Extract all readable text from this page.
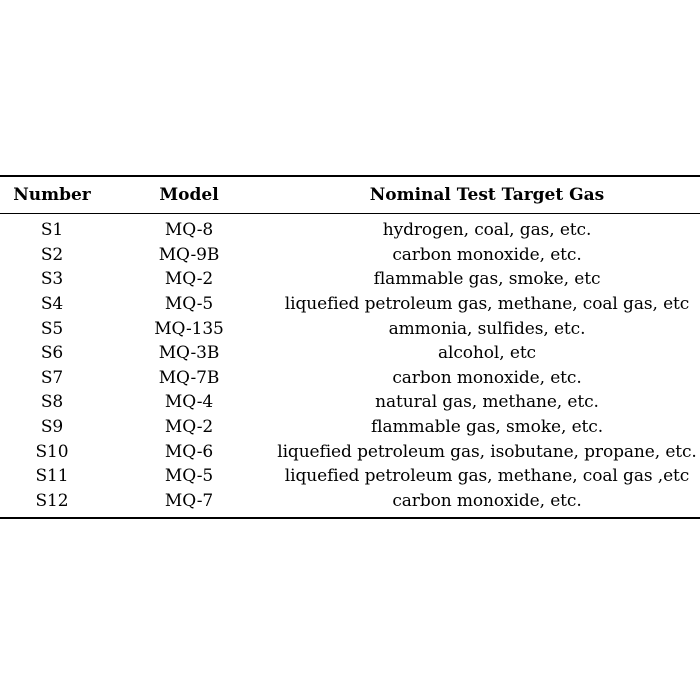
Number	Model	Nominal Test Target Gas
S1	MQ-8	hydrogen, coal, gas, etc.
S2	MQ-9B	carbon monoxide, etc.
S3	MQ-2	flammable gas, smoke, etc
S4	MQ-5	liquefied petroleum gas, methane, coal gas, etc
S5	MQ-135	ammonia, sulfides, etc.
S6	MQ-3B	alcohol, etc
S7	MQ-7B	carbon monoxide, etc.
S8	MQ-4	natural gas, methane, etc.
S9	MQ-2	flammable gas, smoke, etc.
S10	MQ-6	liquefied petroleum gas, isobutane, propane, etc.
S11	MQ-5	liquefied petroleum gas, methane, coal gas ,etc
S12	MQ-7	carbon monoxide, etc.
